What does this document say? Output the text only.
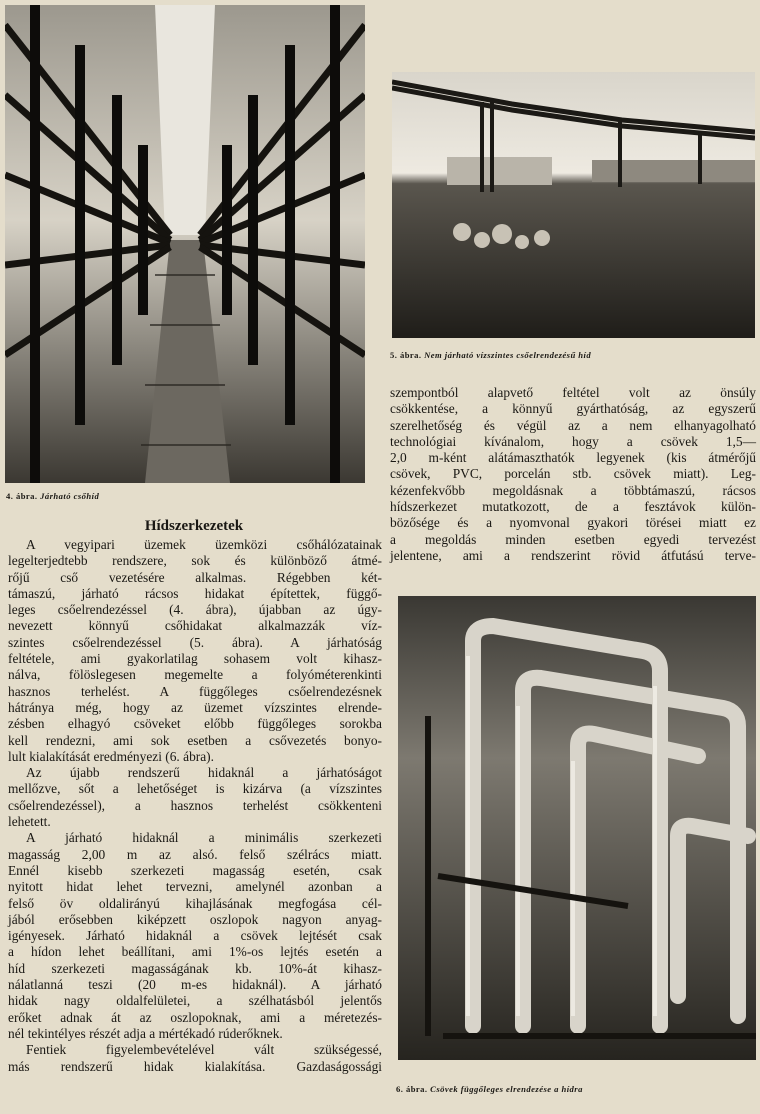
4. ábra. Járható csőhíd
5. ábra. Nem járható vízszintes csőelrendezésű híd
Hídszerkezetek

A vegyipari üzemek üzemközi csőhálózatainak
legelterjedtebb rendszere, sok és különböző átmé-
rőjű cső vezetésére alkalmas. Régebben két-
támaszú, járható rácsos hidakat építettek, függő-
leges csőelrendezéssel (4. ábra), újabban az úgy-
nevezett könnyű csőhidakat alkalmazzák víz-
szintes csőelrendezéssel (5. ábra). A járhatóság
feltétele, ami gyakorlatilag sohasem volt kihasz-
nálva, fölöslegesen megemelte a folyóméterenkinti
hasznos terhelést. A függőleges csőelrendezésnek
hátránya még, hogy az üzemet vízszintes elrende-
zésben elhagyó csöveket előbb függőleges sorokba
kell rendezni, ami sok esetben a csővezetés bonyo-
lult kialakítását eredményezi (6. ábra).

Az újabb rendszerű hidaknál a járhatóságot
mellőzve, sőt a lehetőséget is kizárva (a vízszintes
csőelrendezéssel), a hasznos terhelést csökkenteni
lehetett.

A járható hidaknál a minimális szerkezeti
magasság 2,00 m az alsó. felső szélrács miatt.
Ennél kisebb szerkezeti magasság esetén, csak
nyitott hidat lehet tervezni, amelynél azonban a
felső öv oldalirányú kihajlásának megfogása cél-
jából erősebben kiképzett oszlopok nagyon anyag-
igényesek. Járható hidaknál a csövek lejtését csak
a hídon lehet beállítani, ami 1%-os lejtés esetén a
híd szerkezeti magasságának kb. 10%-át kihasz-
nálatlanná teszi (20 m-es hidaknál). A járható
hidak nagy oldalfelületei, a szélhatásból jelentős
erőket adnak át az oszlopoknak, ami a méretezés-
nél tekintélyes részét adja a mértékadó rúderőknek.

Fentiek figyelembevételével vált szükségessé,
más rendszerű hidak kialakítása. Gazdaságossági

szempontból alapvető feltétel volt az önsúly
csökkentése, a könnyű gyárthatóság, az egyszerű
szerelhetőség és végül az a nem elhanyagolható
technológiai kívánalom, hogy a csövek 1,5—
2,0 m-ként alátámaszthatók legyenek (kis átmérőjű
csövek, PVC, porcelán stb. csövek miatt). Leg-
kézenfekvőbb megoldásnak a többtámaszú, rácsos
hídszerkezet mutatkozott, de a fesztávok külön-
bözősége és a nyomvonal gyakori törései miatt ez
a megoldás minden esetben egyedi tervezést
jelentene, ami a rendszerint rövid átfutású terve-

6. ábra. Csövek függőleges elrendezése a hídra
